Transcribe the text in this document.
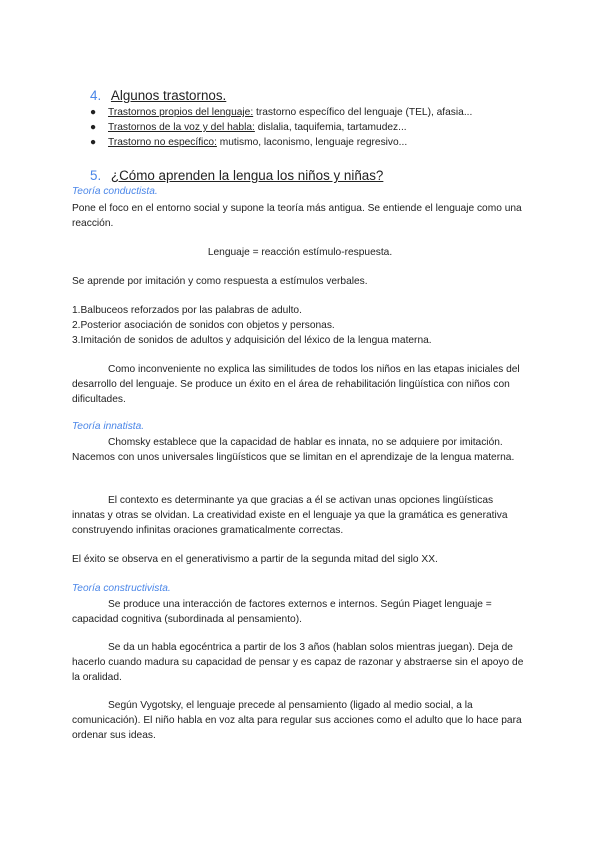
4. Algunos trastornos.
● Trastornos propios del lenguaje: trastorno específico del lenguaje (TEL), afasia...
● Trastornos de la voz y del habla: dislalia, taquifemia, tartamudez...
● Trastorno no específico: mutismo, laconismo, lenguaje regresivo...
5. ¿Cómo aprenden la lengua los niños y niñas?
Teoría conductista.

Pone el foco en el entorno social y supone la teoría más antigua. Se entiende el lenguaje como una reacción.

Lenguaje = reacción estímulo-respuesta.
Se aprende por imitación y como respuesta a estímulos verbales.

1.Balbuceos reforzados por las palabras de adulto.

2.Posterior asociación de sonidos con objetos y personas.

3.Imitación de sonidos de adultos y adquisición del léxico de la lengua materna.

Como inconveniente no explica las similitudes de todos los niños en las etapas iniciales del desarrollo del lenguaje. Se produce un éxito en el área de rehabilitación lingüística con niños con dificultades.

Teoría innatista.

Chomsky establece que la capacidad de hablar es innata, no se adquiere por imitación. Nacemos con unos universales lingüísticos que se limitan en el aprendizaje de la lengua materna.

El contexto es determinante ya que gracias a él se activan unas opciones lingüísticas innatas y otras se olvidan. La creatividad existe en el lenguaje ya que la gramática es generativa construyendo infinitas oraciones gramaticalmente correctas.

El éxito se observa en el generativismo a partir de la segunda mitad del siglo XX.
Teoría constructivista.

Se produce una interacción de factores externos e internos. Según Piaget lenguaje = capacidad cognitiva (subordinada al pensamiento).

Se da un habla egocéntrica a partir de los 3 años (hablan solos mientras juegan). Deja de hacerlo cuando madura su capacidad de pensar y es capaz de razonar y abstraerse sin el apoyo de la oralidad.

Según Vygotsky, el lenguaje precede al pensamiento (ligado al medio social, a la comunicación). El niño habla en voz alta para regular sus acciones como el adulto que lo hace para ordenar sus ideas.
